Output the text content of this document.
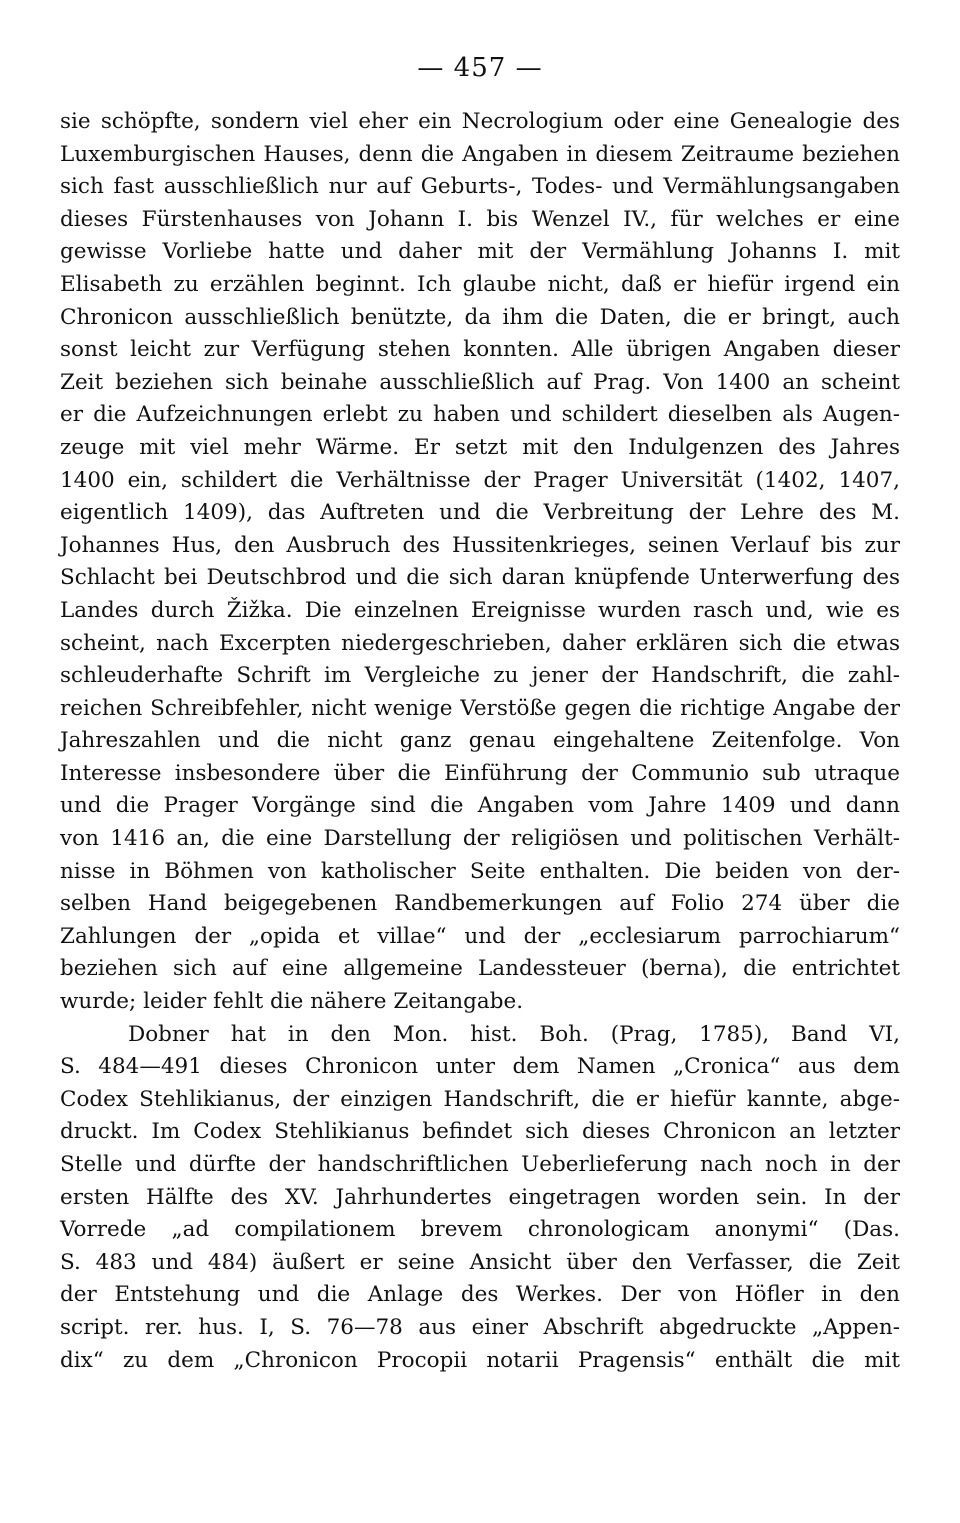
— 457 —
sie schöpfte, sondern viel eher ein Necrologium oder eine Genealogie des
Luxemburgischen Hauses, denn die Angaben in diesem Zeitraume beziehen
sich fast ausschließlich nur auf Geburts-, Todes- und Vermählungsangaben
dieses Fürstenhauses von Johann I. bis Wenzel IV., für welches er eine
gewisse Vorliebe hatte und daher mit der Vermählung Johanns I. mit
Elisabeth zu erzählen beginnt. Ich glaube nicht, daß er hiefür irgend ein
Chronicon ausschließlich benützte, da ihm die Daten, die er bringt, auch
sonst leicht zur Verfügung stehen konnten. Alle übrigen Angaben dieser
Zeit beziehen sich beinahe ausschließlich auf Prag. Von 1400 an scheint
er die Aufzeichnungen erlebt zu haben und schildert dieselben als Augen-
zeuge mit viel mehr Wärme. Er setzt mit den Indulgenzen des Jahres
1400 ein, schildert die Verhältnisse der Prager Universität (1402, 1407,
eigentlich 1409), das Auftreten und die Verbreitung der Lehre des M.
Johannes Hus, den Ausbruch des Hussitenkrieges, seinen Verlauf bis zur
Schlacht bei Deutschbrod und die sich daran knüpfende Unterwerfung des
Landes durch Žižka. Die einzelnen Ereignisse wurden rasch und, wie es
scheint, nach Excerpten niedergeschrieben, daher erklären sich die etwas
schleuderhafte Schrift im Vergleiche zu jener der Handschrift, die zahl-
reichen Schreibfehler, nicht wenige Verstöße gegen die richtige Angabe der
Jahreszahlen und die nicht ganz genau eingehaltene Zeitenfolge. Von
Interesse insbesondere über die Einführung der Communio sub utraque
und die Prager Vorgänge sind die Angaben vom Jahre 1409 und dann
von 1416 an, die eine Darstellung der religiösen und politischen Verhält-
nisse in Böhmen von katholischer Seite enthalten. Die beiden von der-
selben Hand beigegebenen Randbemerkungen auf Folio 274 über die
Zahlungen der „opida et villae“ und der „ecclesiarum parrochiarum“
beziehen sich auf eine allgemeine Landessteuer (berna), die entrichtet
wurde; leider fehlt die nähere Zeitangabe.
Dobner hat in den Mon. hist. Boh. (Prag, 1785), Band VI,
S. 484—491 dieses Chronicon unter dem Namen „Cronica“ aus dem
Codex Stehlikianus, der einzigen Handschrift, die er hiefür kannte, abge-
druckt. Im Codex Stehlikianus befindet sich dieses Chronicon an letzter
Stelle und dürfte der handschriftlichen Ueberlieferung nach noch in der
ersten Hälfte des XV. Jahrhundertes eingetragen worden sein. In der
Vorrede „ad compilationem brevem chronologicam anonymi“ (Das.
S. 483 und 484) äußert er seine Ansicht über den Verfasser, die Zeit
der Entstehung und die Anlage des Werkes. Der von Höfler in den
script. rer. hus. I, S. 76—78 aus einer Abschrift abgedruckte „Appen-
dix“ zu dem „Chronicon Procopii notarii Pragensis“ enthält die mit
